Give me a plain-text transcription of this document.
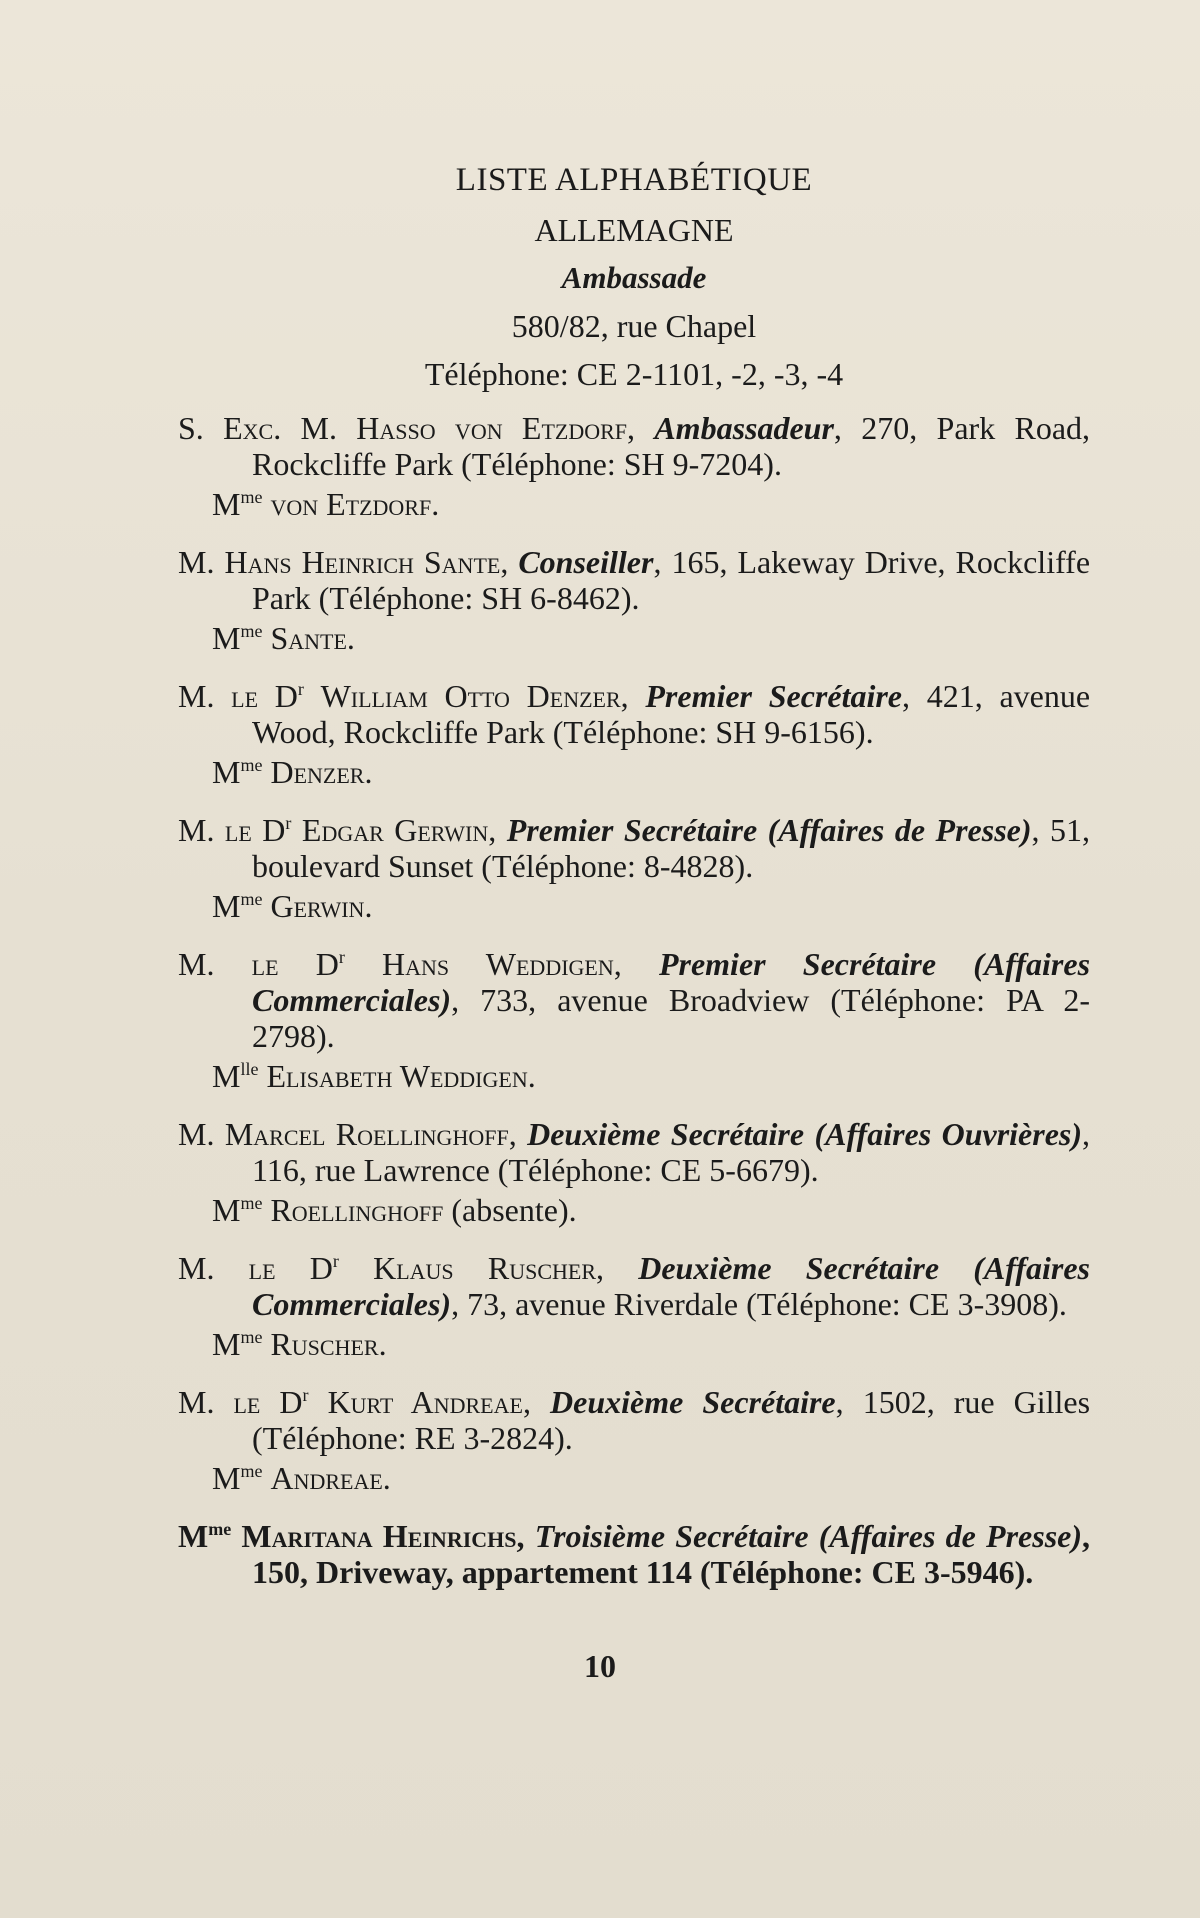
LISTE ALPHABÉTIQUE
ALLEMAGNE
Ambassade
580/82, rue Chapel
Téléphone: CE 2-1101, -2, -3, -4
S. Exc. M. Hasso von Etzdorf, Ambassadeur, 270, Park Road, Rockcliffe Park (Téléphone: SH 9-7204).
$M^{me}$ von Etzdorf.
M. Hans Heinrich Sante, Conseiller, 165, Lakeway Drive, Rockcliffe Park (Téléphone: SH 6-8462).
$M^{me}$ Sante.
M. le $D^r$ William Otto Denzer, Premier Secrétaire, 421, avenue Wood, Rockcliffe Park (Téléphone: SH 9-6156).
$M^{me}$ Denzer.
M. le $D^r$ Edgar Gerwin, Premier Secrétaire (Affaires de Presse), 51, boulevard Sunset (Téléphone: 8-4828).
$M^{me}$ Gerwin.
M. le $D^r$ Hans Weddigen, Premier Secrétaire (Affaires Commerciales), 733, avenue Broadview (Téléphone: PA 2-2798).
$M^{lle}$ Elisabeth Weddigen.
M. Marcel Roellinghoff, Deuxième Secrétaire (Affaires Ouvrières), 116, rue Lawrence (Téléphone: CE 5-6679).
$M^{me}$ Roellinghoff (absente).
M. le $D^r$ Klaus Ruscher, Deuxième Secrétaire (Affaires Commerciales), 73, avenue Riverdale (Téléphone: CE 3-3908).
$M^{me}$ Ruscher.
M. le $D^r$ Kurt Andreae, Deuxième Secrétaire, 1502, rue Gilles (Téléphone: RE 3-2824).
$M^{me}$ Andreae.
$M^{me}$ Maritana Heinrichs, Troisième Secrétaire (Affaires de Presse), 150, Driveway, appartement 114 (Téléphone: CE 3-5946).
10
